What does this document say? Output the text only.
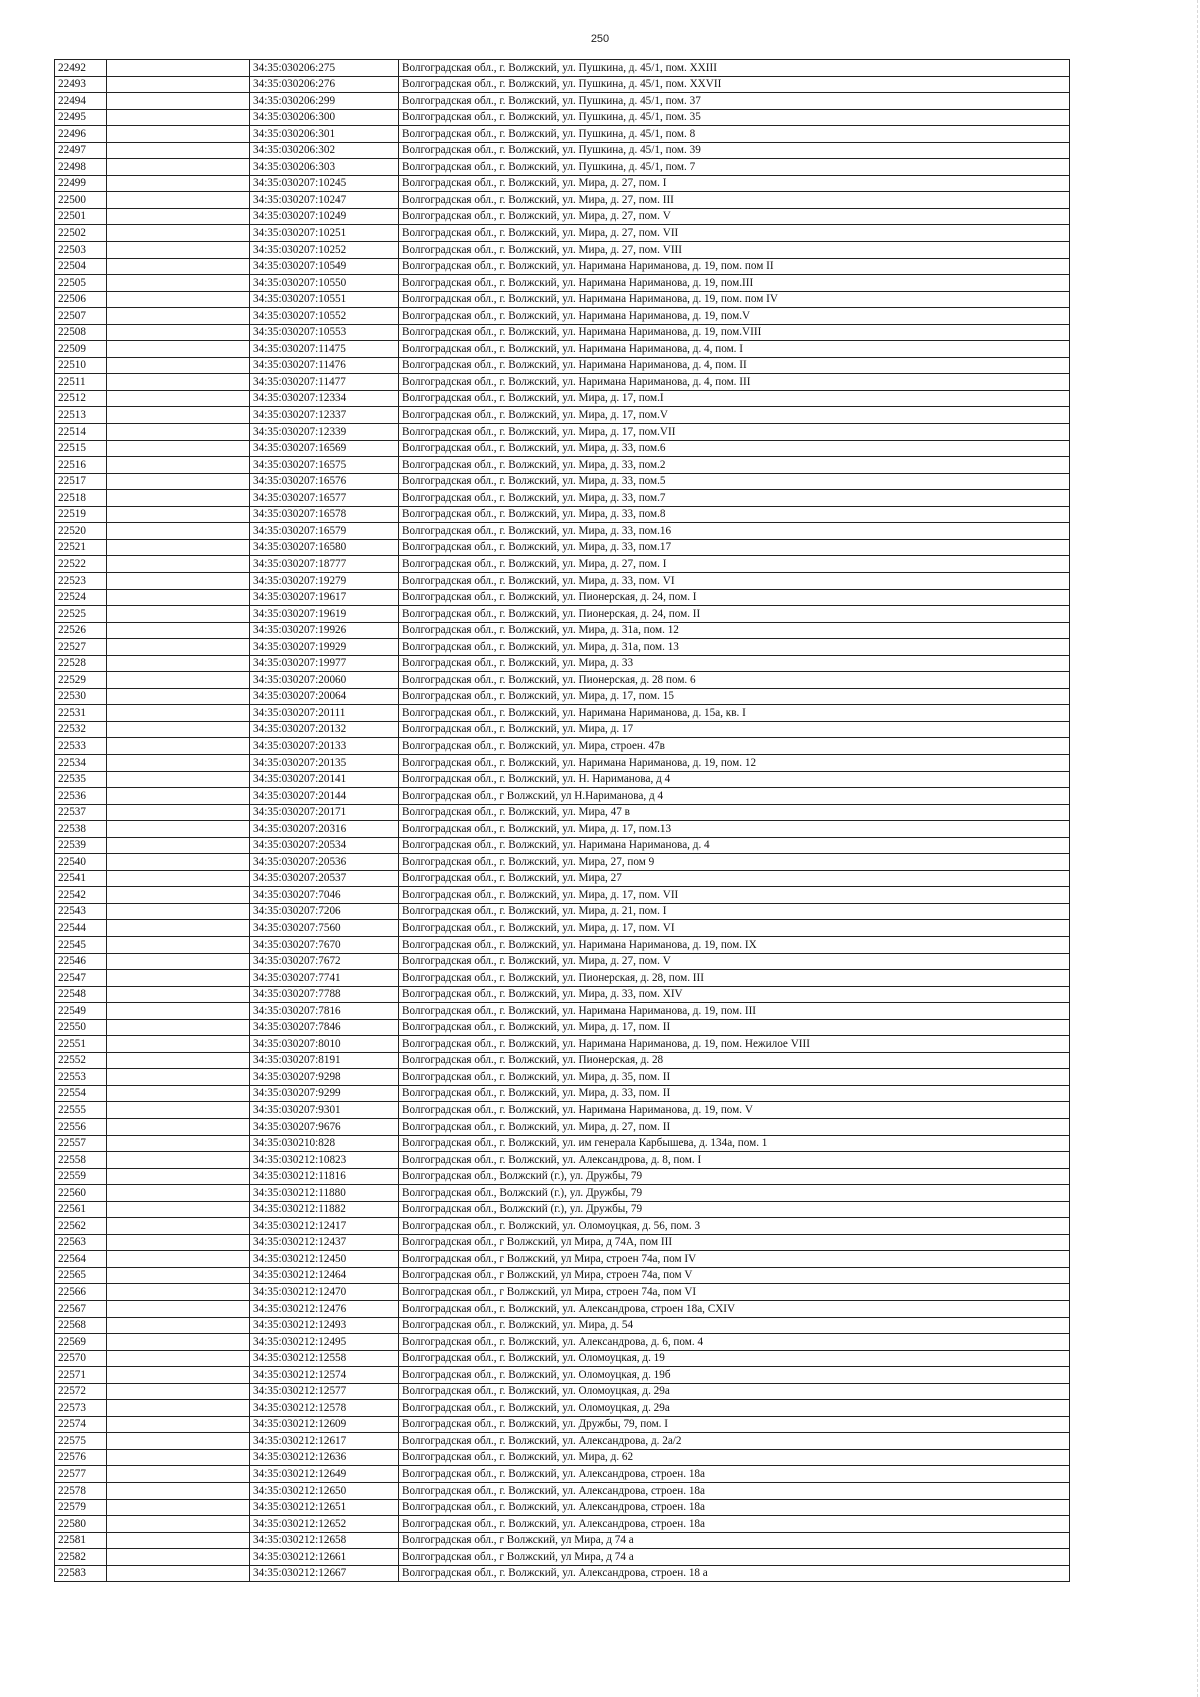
250
22492		34:35:030206:275	Волгоградская обл., г. Волжский, ул. Пушкина, д. 45/1, пом. XXIII
22493		34:35:030206:276	Волгоградская обл., г. Волжский, ул. Пушкина, д. 45/1, пом. XXVII
22494		34:35:030206:299	Волгоградская обл., г. Волжский, ул. Пушкина, д. 45/1, пом. 37
22495		34:35:030206:300	Волгоградская обл., г. Волжский, ул. Пушкина, д. 45/1, пом. 35
22496		34:35:030206:301	Волгоградская обл., г. Волжский, ул. Пушкина, д. 45/1, пом. 8
22497		34:35:030206:302	Волгоградская обл., г. Волжский, ул. Пушкина, д. 45/1, пом. 39
22498		34:35:030206:303	Волгоградская обл., г. Волжский, ул. Пушкина, д. 45/1, пом. 7
22499		34:35:030207:10245	Волгоградская обл., г. Волжский, ул. Мира, д. 27, пом. I
22500		34:35:030207:10247	Волгоградская обл., г. Волжский, ул. Мира, д. 27, пом. III
22501		34:35:030207:10249	Волгоградская обл., г. Волжский, ул. Мира, д. 27, пом. V
22502		34:35:030207:10251	Волгоградская обл., г. Волжский, ул. Мира, д. 27, пом. VII
22503		34:35:030207:10252	Волгоградская обл., г. Волжский, ул. Мира, д. 27, пом. VIII
22504		34:35:030207:10549	Волгоградская обл., г. Волжский, ул. Наримана Нариманова, д. 19, пом. пом II
22505		34:35:030207:10550	Волгоградская обл., г. Волжский, ул. Наримана Нариманова, д. 19, пом.III
22506		34:35:030207:10551	Волгоградская обл., г. Волжский, ул. Наримана Нариманова, д. 19, пом. пом IV
22507		34:35:030207:10552	Волгоградская обл., г. Волжский, ул. Наримана Нариманова, д. 19, пом.V
22508		34:35:030207:10553	Волгоградская обл., г. Волжский, ул. Наримана Нариманова, д. 19, пом.VIII
22509		34:35:030207:11475	Волгоградская обл., г. Волжский, ул. Наримана Нариманова, д. 4, пом. I
22510		34:35:030207:11476	Волгоградская обл., г. Волжский, ул. Наримана Нариманова, д. 4, пом. II
22511		34:35:030207:11477	Волгоградская обл., г. Волжский, ул. Наримана Нариманова, д. 4, пом. III
22512		34:35:030207:12334	Волгоградская обл., г. Волжский, ул. Мира, д. 17, пом.I
22513		34:35:030207:12337	Волгоградская обл., г. Волжский, ул. Мира, д. 17, пом.V
22514		34:35:030207:12339	Волгоградская обл., г. Волжский, ул. Мира, д. 17, пом.VII
22515		34:35:030207:16569	Волгоградская обл., г. Волжский, ул. Мира, д. 33, пом.6
22516		34:35:030207:16575	Волгоградская обл., г. Волжский, ул. Мира, д. 33, пом.2
22517		34:35:030207:16576	Волгоградская обл., г. Волжский, ул. Мира, д. 33, пом.5
22518		34:35:030207:16577	Волгоградская обл., г. Волжский, ул. Мира, д. 33, пом.7
22519		34:35:030207:16578	Волгоградская обл., г. Волжский, ул. Мира, д. 33, пом.8
22520		34:35:030207:16579	Волгоградская обл., г. Волжский, ул. Мира, д. 33, пом.16
22521		34:35:030207:16580	Волгоградская обл., г. Волжский, ул. Мира, д. 33, пом.17
22522		34:35:030207:18777	Волгоградская обл., г. Волжский, ул. Мира, д. 27, пом. I
22523		34:35:030207:19279	Волгоградская обл., г. Волжский, ул. Мира, д. 33, пом. VI
22524		34:35:030207:19617	Волгоградская обл., г. Волжский, ул. Пионерская, д. 24, пом. I
22525		34:35:030207:19619	Волгоградская обл., г. Волжский, ул. Пионерская, д. 24, пом. II
22526		34:35:030207:19926	Волгоградская обл., г. Волжский, ул. Мира, д. 31а, пом. 12
22527		34:35:030207:19929	Волгоградская обл., г. Волжский, ул. Мира, д. 31а, пом. 13
22528		34:35:030207:19977	Волгоградская обл., г. Волжский, ул. Мира, д. 33
22529		34:35:030207:20060	Волгоградская обл., г. Волжский, ул. Пионерская, д. 28 пом. 6
22530		34:35:030207:20064	Волгоградская обл., г. Волжский, ул. Мира, д. 17, пом. 15
22531		34:35:030207:20111	Волгоградская обл., г. Волжский, ул. Наримана Нариманова, д. 15а, кв. I
22532		34:35:030207:20132	Волгоградская обл., г. Волжский, ул. Мира, д. 17
22533		34:35:030207:20133	Волгоградская обл., г. Волжский, ул. Мира, строен. 47в
22534		34:35:030207:20135	Волгоградская обл., г. Волжский, ул. Наримана Нариманова, д. 19, пом. 12
22535		34:35:030207:20141	Волгоградская обл., г. Волжский, ул. Н. Нариманова, д 4
22536		34:35:030207:20144	Волгоградская обл., г Волжский, ул Н.Нариманова, д 4
22537		34:35:030207:20171	Волгоградская обл., г. Волжский, ул. Мира, 47 в
22538		34:35:030207:20316	Волгоградская обл., г. Волжский, ул. Мира, д. 17, пом.13
22539		34:35:030207:20534	Волгоградская обл., г. Волжский, ул. Наримана Нариманова, д. 4
22540		34:35:030207:20536	Волгоградская обл., г. Волжский, ул. Мира, 27, пом 9
22541		34:35:030207:20537	Волгоградская обл., г. Волжский, ул. Мира, 27
22542		34:35:030207:7046	Волгоградская обл., г. Волжский, ул. Мира, д. 17, пом. VII
22543		34:35:030207:7206	Волгоградская обл., г. Волжский, ул. Мира, д. 21, пом. I
22544		34:35:030207:7560	Волгоградская обл., г. Волжский, ул. Мира, д. 17, пом. VI
22545		34:35:030207:7670	Волгоградская обл., г. Волжский, ул. Наримана Нариманова, д. 19, пом. IX
22546		34:35:030207:7672	Волгоградская обл., г. Волжский, ул. Мира, д. 27, пом. V
22547		34:35:030207:7741	Волгоградская обл., г. Волжский, ул. Пионерская, д. 28, пом. III
22548		34:35:030207:7788	Волгоградская обл., г. Волжский, ул. Мира, д. 33, пом. XIV
22549		34:35:030207:7816	Волгоградская обл., г. Волжский, ул. Наримана Нариманова, д. 19, пом. III
22550		34:35:030207:7846	Волгоградская обл., г. Волжский, ул. Мира, д. 17, пом. II
22551		34:35:030207:8010	Волгоградская обл., г. Волжский, ул. Наримана Нариманова, д. 19, пом. Нежилое VIII
22552		34:35:030207:8191	Волгоградская обл., г. Волжский, ул. Пионерская, д. 28
22553		34:35:030207:9298	Волгоградская обл., г. Волжский, ул. Мира, д. 35, пом. II
22554		34:35:030207:9299	Волгоградская обл., г. Волжский, ул. Мира, д. 33, пом. II
22555		34:35:030207:9301	Волгоградская обл., г. Волжский, ул. Наримана Нариманова, д. 19, пом. V
22556		34:35:030207:9676	Волгоградская обл., г. Волжский, ул. Мира, д. 27, пом. II
22557		34:35:030210:828	Волгоградская обл., г. Волжский, ул. им генерала Карбышева, д. 134а, пом. 1
22558		34:35:030212:10823	Волгоградская обл., г. Волжский, ул. Александрова, д. 8, пом. I
22559		34:35:030212:11816	Волгоградская обл., Волжский (г.), ул. Дружбы, 79
22560		34:35:030212:11880	Волгоградская обл., Волжский (г.), ул. Дружбы, 79
22561		34:35:030212:11882	Волгоградская обл., Волжский (г.), ул. Дружбы, 79
22562		34:35:030212:12417	Волгоградская обл., г. Волжский, ул. Оломоуцкая, д. 56, пом. 3
22563		34:35:030212:12437	Волгоградская обл., г Волжский, ул Мира, д 74А, пом III
22564		34:35:030212:12450	Волгоградская обл., г Волжский, ул Мира, строен 74а, пом IV
22565		34:35:030212:12464	Волгоградская обл., г Волжский, ул Мира, строен 74а, пом V
22566		34:35:030212:12470	Волгоградская обл., г Волжский, ул Мира, строен 74а, пом VI
22567		34:35:030212:12476	Волгоградская обл., г. Волжский, ул. Александрова, строен 18а, CXIV
22568		34:35:030212:12493	Волгоградская обл., г. Волжский, ул. Мира, д. 54
22569		34:35:030212:12495	Волгоградская обл., г. Волжский, ул. Александрова, д. 6, пом. 4
22570		34:35:030212:12558	Волгоградская обл., г. Волжский, ул. Оломоуцкая, д. 19
22571		34:35:030212:12574	Волгоградская обл., г. Волжский, ул. Оломоуцкая, д. 19б
22572		34:35:030212:12577	Волгоградская обл., г. Волжский, ул. Оломоуцкая, д. 29а
22573		34:35:030212:12578	Волгоградская обл., г. Волжский, ул. Оломоуцкая, д. 29а
22574		34:35:030212:12609	Волгоградская обл., г. Волжский, ул. Дружбы, 79, пом. I
22575		34:35:030212:12617	Волгоградская обл., г. Волжский, ул. Александрова, д. 2а/2
22576		34:35:030212:12636	Волгоградская обл., г. Волжский, ул. Мира, д. 62
22577		34:35:030212:12649	Волгоградская обл., г. Волжский, ул. Александрова, строен. 18а
22578		34:35:030212:12650	Волгоградская обл., г. Волжский, ул. Александрова, строен. 18а
22579		34:35:030212:12651	Волгоградская обл., г. Волжский, ул. Александрова, строен. 18а
22580		34:35:030212:12652	Волгоградская обл., г. Волжский, ул. Александрова, строен. 18а
22581		34:35:030212:12658	Волгоградская обл., г Волжский, ул Мира, д 74 а
22582		34:35:030212:12661	Волгоградская обл., г Волжский, ул Мира, д 74 а
22583		34:35:030212:12667	Волгоградская обл., г. Волжский, ул. Александрова, строен. 18 а
